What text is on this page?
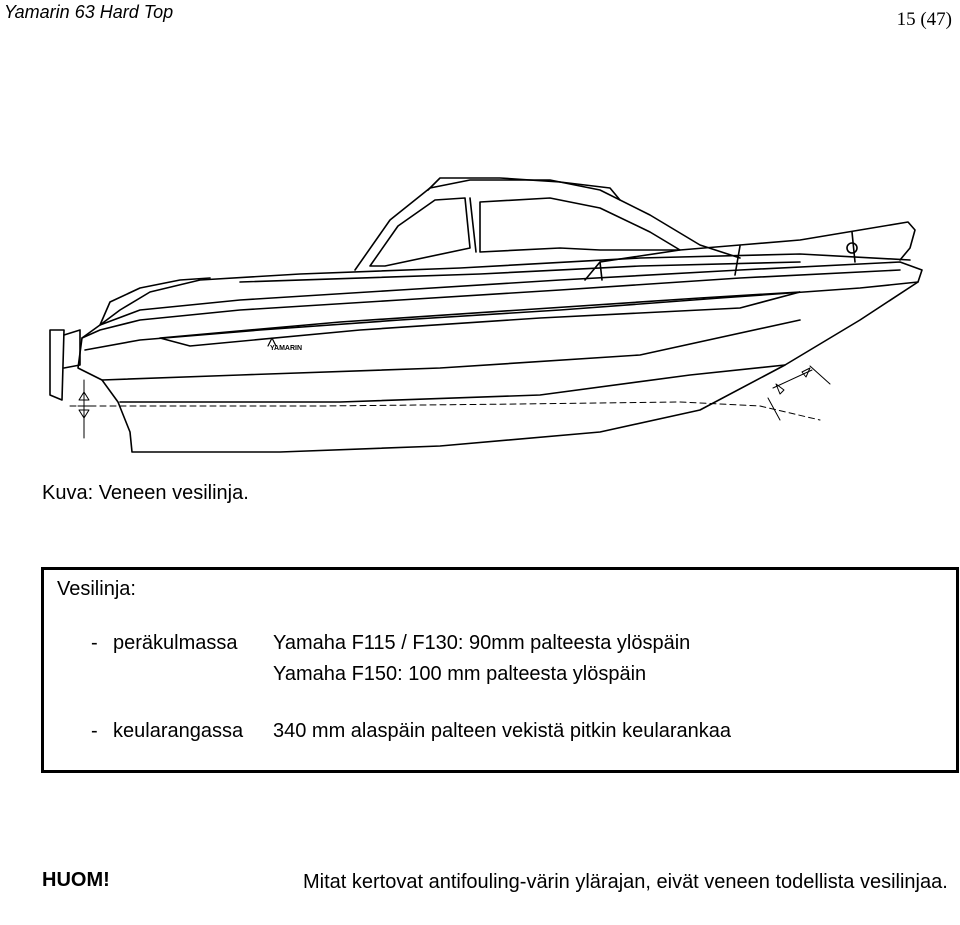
Yamarin 63 Hard Top	15 (47)
YAMARIN
Kuva: Veneen vesilinja.
Vesilinja:
- peräkulmassa Yamaha F115 / F130: 90mm palteesta ylöspäin
Yamaha F150: 100 mm palteesta ylöspäin
- keularangassa 340 mm alaspäin palteen vekistä pitkin keularankaa
HUOM!	Mitat kertovat antifouling-värin ylärajan, eivät veneen todellista vesilinjaa.
